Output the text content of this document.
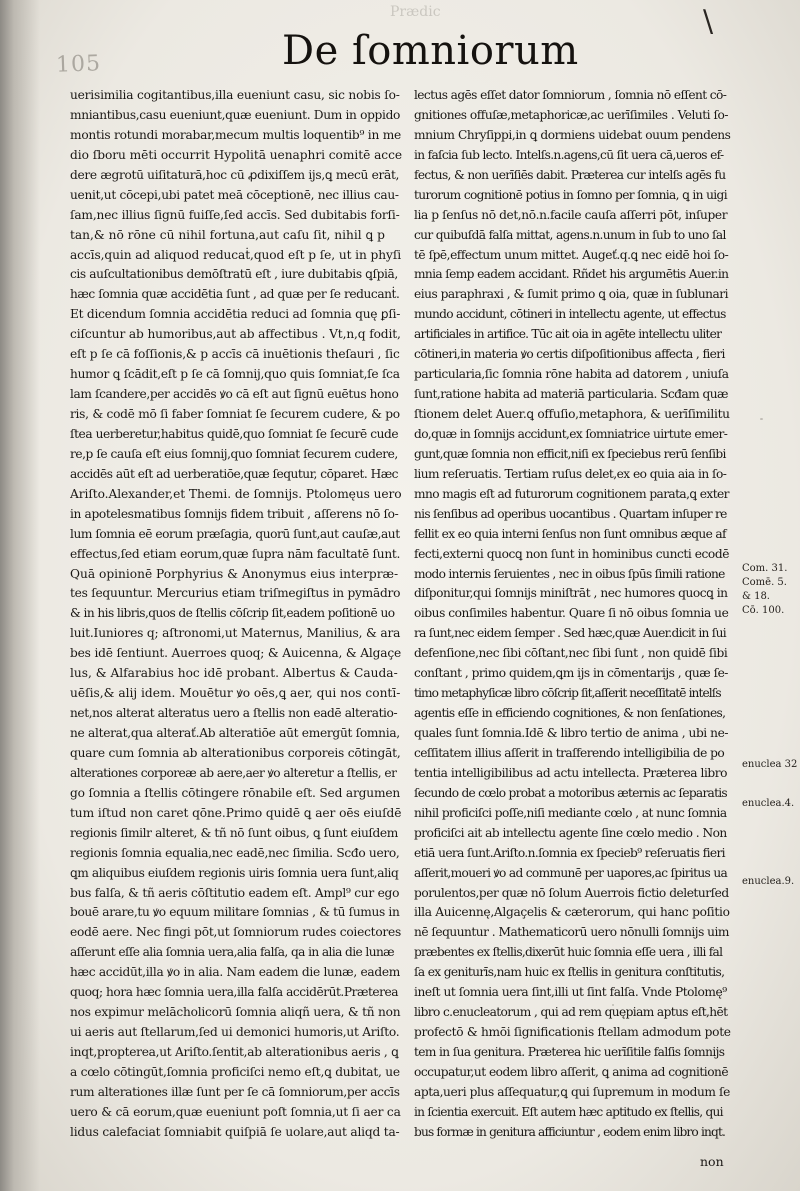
105
Prædic	\
De ſomniorum
uerisimilia cogitantibus,illa eueniunt casu, sic nobis ſo-
mniantibus,casu eueniunt,quæ eueniunt. Dum in oppido
montis rotundi morabar,mecum multis loquentib⁹ in me
dio ſboru mēti occurrit Hypolitā uenaphri comitē acce
dere ægrotū uiſitaturā,hoc cū ꝓdixiſſem ijs,ꝗ mecū erāt,
uenit,ut cōcepi,ubi patet meā cōceptionē, nec illius cau-
ſam,nec illius ſignū fuiſſe,ſed accīs. Sed dubitabis forſi-
tan,& nō rōne cū nihil fortuna,aut caſu ſit, nihil ꝗ p
accīs,quin ad aliquod reducaṫ,quod eſt p ſe, ut in phyſi
cis auſcultationibus demōſtratū eſt , iure dubitabis ꝗſpiā,
hæc ſomnia quæ accidētia ſunt , ad quæ per ſe reducanṫ.
Et dicendum ſomnia accidētia reduci ad ſomnia quę ꝑſi-
ciſcuntur ab humoribus,aut ab affectibus . Vt,n,q fodit,
eſt p ſe cā foſſionis,& p accīs cā inuētionis theſauri , ſic
humor ꝗ ſcādit,eſt p ſe cā ſomnij,quo quis ſomniat,ſe ſca
lam ſcandere,per accidēs ꝟo cā eſt aut ſignū euētus hono
ris, & codē mō ſi faber ſomniat ſe ſecurem cudere, & po
ſtea uerberetur,habitus quidē,quo ſomniat ſe ſecurē cude
re,p ſe cauſa eſt eius ſomnij,quo ſomniat ſecurem cudere,
accidēs aūt eſt ad uerberatiōe,quæ ſequtur, cōparet. Hæc
Ariſto.Alexander,et Themi. de ſomnijs. Ptolomęus uero
in apotelesmatibus ſomnijs fidem tribuit , aſſerens nō ſo-
lum ſomnia eē eorum præſagia, quorū ſunt,aut cauſæ,aut
effectus,ſed etiam eorum,quæ ſupra nām facultatē ſunt.
Quā opinionē Porphyrius & Anonymus eius interpræ-
tes ſequuntur. Mercurius etiam triſmegiſtus in pymādro
& in his libris,quos de ſtellis cōſcrip ſit,eadem poſitionē uo
luit.Iuniores q; aſtronomi,ut Maternus, Manilius, & ara
bes idē ſentiunt. Auerroes quoq; & Auicenna, & Algaçe
lus, & Alfarabius hoc idē probant. Albertus & Cauda-
uēſis,& alij idem. Mouētur ꝟo oēs,ꝗ aer, qui nos contī-
net,nos alterat alteratus uero a ſtellis non eadē alteratio-
ne alterat,qua alterať.Ab alteratiōe aūt emergūt ſomnia,
quare cum ſomnia ab alterationibus corporeis cōtingāt,
alterationes corporeæ ab aere,aer ꝟo alteretur a ſtellis, er
go ſomnia a ſtellis cōtingere rōnabile eſt. Sed argumen
tum iſtud non caret qōne.Primo quidē ꝗ aer oēs eiuſdē
regionis ſimilr alteret, & tñ nō ſunt oibus, ꝗ ſunt eiuſdem
regionis ſomnia equalia,nec eadē,nec ſimilia. Scđo uero,
ꝗm aliquibus eiuſdem regionis uiris ſomnia uera ſunt,aliq
bus falſa, & tñ aeris cōſtitutio eadem eſt. Ampl⁹ cur ego
bouē arare,tu ꝟo equum militare ſomnias , & tū ſumus in
eodē aere. Nec fingi pōt,ut ſomniorum rudes coiectores
aſſerunt eſſe alia ſomnia uera,alia falſa, qa in alia die lunæ
hæc accidūt,illa ꝟo in alia. Nam eadem die lunæ, eadem
quoq; hora hæc ſomnia uera,illa falſa accidērūt.Præterea
nos expimur melācholicorū ſomnia aliqñ uera, & tñ non
ui aeris aut ſtellarum,ſed ui demonici humoris,ut Ariſto.
inqt,propterea,ut Ariſto.ſentit,ab alterationibus aeris , ꝗ
a cœlo cōtingūt,ſomnia proficiſci nemo eſt,ꝗ dubitat, ue
rum alterationes illæ ſunt per ſe cā ſomniorum,per accīs
uero & cā eorum,quæ eueniunt poſt ſomnia,ut ſi aer ca
lidus calefaciat ſomniabit quiſpiā ſe uolare,aut aliqd ta-
lectus agēs eſſet dator ſomniorum , ſomnia nō eſſent cō-
gnitiones offuſæ,metaphoricæ,ac uerīſimiles . Veluti ſo-
mnium Chryſippi,in ꝗ dormiens uidebat ouum pendens
in faſcia ſub lecto. Intelſs.n.agens,cū ſit uera cā,ueros ef-
fectus, & non uerīſiēs dabit. Præterea cur intelſs agēs fu
turorum cognitionē potius in ſomno per ſomnia, ꝗ in uigi
lia p ſenſus nō det,nō.n.facile cauſa aſſerri pōt, inſuper
cur quibuſdā falſa mittat, agens.n.unum in ſub to uno ſal
tē ſpē,effectum unum mittet. Augeť.q.ꝗ nec eidē hoi ſo-
mnia ſemp eadem accidant. Rñdet his argumētis Auer.in
eius paraphraxi , & ſumit primo ꝗ oia, quæ in ſublunari
mundo accidunt, cōtineri in intellectu agente, ut effectus
artificiales in artifice. Tūc ait oia in agēte intellectu uliter
cōtineri,in materia ꝟo certis diſpoſitionibus affecta , fieri
particularia,ſic ſomnia rōne habita ad datorem , uniuſa
ſunt,ratione habita ad materiā particularia. Scđam quæ
ſtionem delet Auer.ꝗ offuſio,metaphora, & uerīſimilitu
do,quæ in ſomnijs accidunt,ex ſomniatrice uirtute emer-
gunt,quæ ſomnia non efficit,niſi ex ſpeciebus rerū ſenſibi
lium reſeruatis. Tertiam ruſus delet,ex eo quia aia in ſo-
mno magis eſt ad futurorum cognitionem parata,ꝗ exter
nis ſenſibus ad operibus uocantibus . Quartam inſuper re
fellit ex eo quia interni ſenſus non ſunt omnibus æque af
fecti,externi quocꝗ non ſunt in hominibus cuncti ecodē
modo internis ſeruientes , nec in oibus ſpūs ſimili ratione
diſponitur,qui ſomnijs miniſtrāt , nec humores quocꝗ in
oibus conſimiles habentur. Quare ſi nō oibus ſomnia ue
ra ſunt,nec eidem ſemper . Sed hæc,quæ Auer.dicit in ſui
defenſione,nec ſibi cōſtant,nec ſibi ſunt , non quidē ſibi
conſtant , primo quidem,ꝗm ijs in cōmentarijs , quæ ſe-
timo metaphyſicæ libro cōſcrip ſit,aſſerit neceſſitatē intelſs
agentis eſſe in efficiendo cognitiones, & non ſenſationes,
quales ſunt ſomnia.Idē & libro tertio de anima , ubi ne-
ceſſitatem illius aſſerit in traſferendo intelligibilia de po
tentia intelligibilibus ad actu intellecta. Præterea libro
ſecundo de cœlo probat a motoribus æternis ac ſeparatis
nihil proficiſci poſſe,niſi mediante cœlo , at nunc ſomnia
proficiſci ait ab intellectu agente ſine cœlo medio . Non
etiā uera ſunt.Ariſto.n.ſomnia ex ſpecieb⁹ reſeruatis fieri
aſſerit,moueri ꝟo ad communē per uapores,ac ſpiritus ua
porulentos,per quæ nō ſolum Auerrois fictio deleturſed
illa Auicennę,Algaçelis & cæterorum, qui hanc poſitio
nē ſequuntur . Mathematicorū uero nōnulli ſomnijs uim
præbentes ex ſtellis,dixerūt huic ſomnia eſſe uera , illi fal
ſa ex geniturīs,nam huic ex ſtellis in genitura conſtitutis,
ineſt ut ſomnia uera ſint,illi ut ſint falſa. Vnde Ptolomę⁹
libro c.enucleatorum , qui ad rem quępiam aptus eſt,hēt
profectō & hmōi ſignificationis ſtellam admodum pote
tem in ſua genitura. Præterea hic uerīſitile falſis ſomnijs
occupatur,ut eodem libro aſſerit, ꝗ anima ad cognitionē
apta,ueri plus aſſequatur,ꝗ qui ſupremum in modum ſe
in ſcientia exercuit. Eſt autem hæc aptitudo ex ſtellis, qui
bus formæ in genitura afficiuntur , eodem enim libro inqt.
Com. 31.
Comē. 5.
& 18.
Cō. 100.
enuclea 32
enuclea.4.
enuclea.9.
non
